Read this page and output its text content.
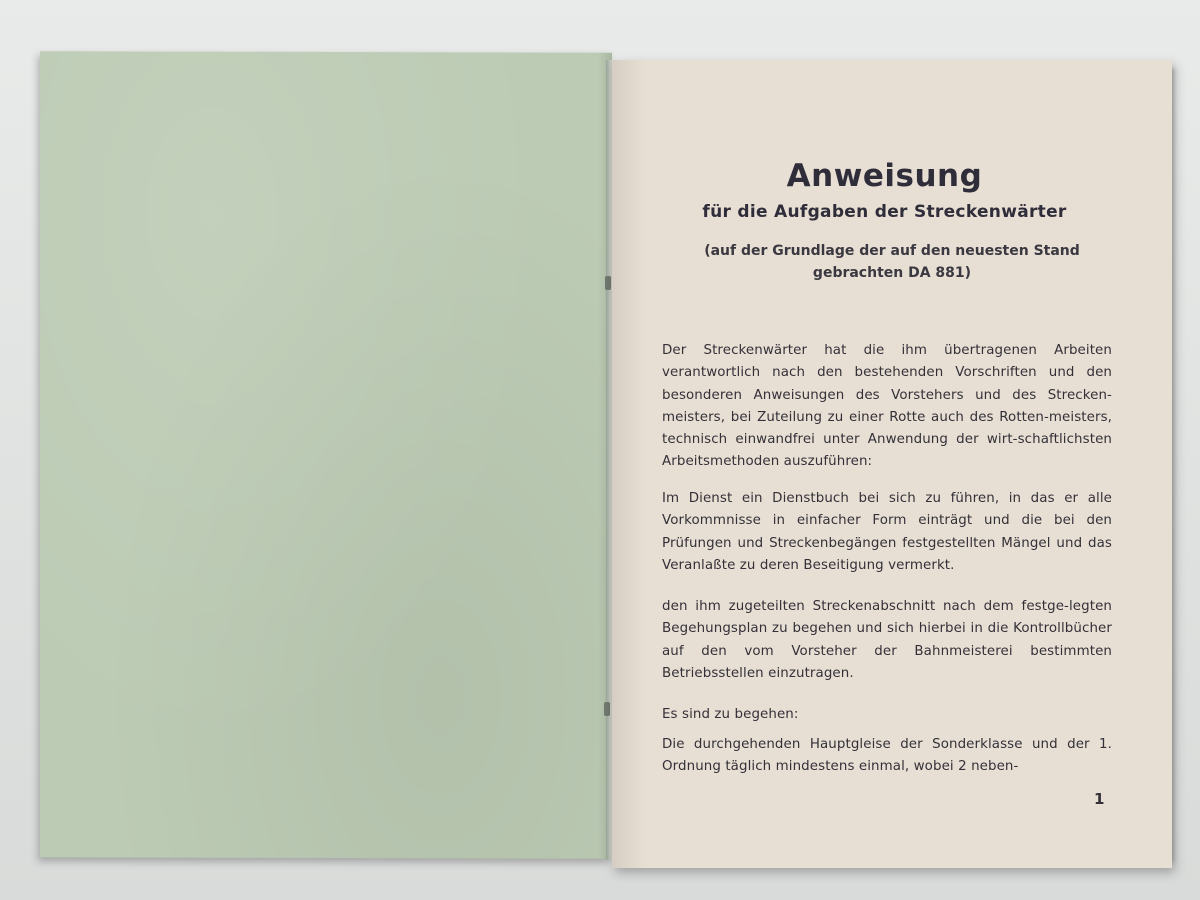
Anweisung
für die Aufgaben der Streckenwärter
(auf der Grundlage der auf den neuesten Stand
gebrachten DA 881)
Der Streckenwärter hat die ihm übertragenen Arbeiten verantwortlich nach den bestehenden Vorschriften und den besonderen Anweisungen des Vorstehers und des Strecken-meisters, bei Zuteilung zu einer Rotte auch des Rotten-meisters, technisch einwandfrei unter Anwendung der wirt-schaftlichsten Arbeitsmethoden auszuführen:
Im Dienst ein Dienstbuch bei sich zu führen, in das er alle Vorkommnisse in einfacher Form einträgt und die bei den Prüfungen und Streckenbegängen festgestellten Mängel und das Veranlaßte zu deren Beseitigung vermerkt.
den ihm zugeteilten Streckenabschnitt nach dem festge-legten Begehungsplan zu begehen und sich hierbei in die Kontrollbücher auf den vom Vorsteher der Bahnmeisterei bestimmten Betriebsstellen einzutragen.
Es sind zu begehen:
Die durchgehenden Hauptgleise der Sonderklasse und der 1. Ordnung täglich mindestens einmal, wobei 2 neben-
1
